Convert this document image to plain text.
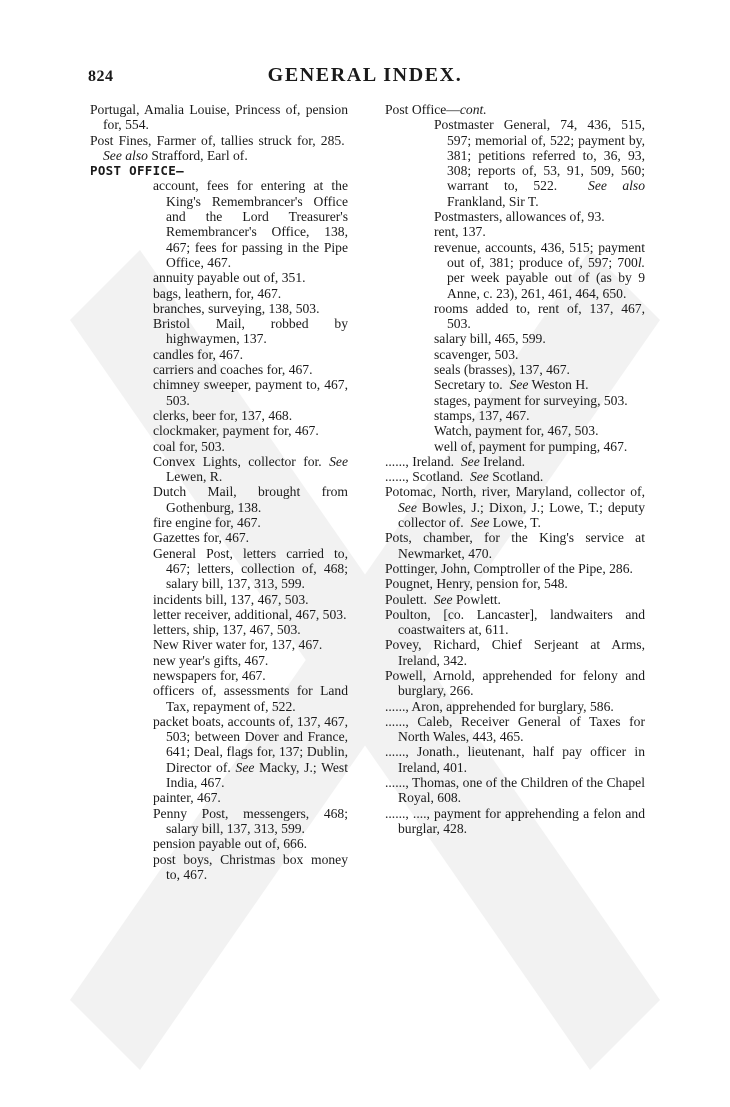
824	GENERAL INDEX.
Portugal, Amalia Louise, Princess of, pension for, 554.
Post Fines, Farmer of, tallies struck for, 285.  See also Strafford, Earl of.
POST OFFICE—
account, fees for entering at the King's Remembrancer's Office and the Lord Treasurer's Remembrancer's Office, 138, 467; fees for passing in the Pipe Office, 467.
annuity payable out of, 351.
bags, leathern, for, 467.
branches, surveying, 138, 503.
Bristol Mail, robbed by highwaymen, 137.
candles for, 467.
carriers and coaches for, 467.
chimney sweeper, payment to, 467, 503.
clerks, beer for, 137, 468.
clockmaker, payment for, 467.
coal for, 503.
Convex Lights, collector for. See Lewen, R.
Dutch Mail, brought from Gothenburg, 138.
fire engine for, 467.
Gazettes for, 467.
General Post, letters carried to, 467; letters, collection of, 468; salary bill, 137, 313, 599.
incidents bill, 137, 467, 503.
letter receiver, additional, 467, 503.
letters, ship, 137, 467, 503.
New River water for, 137, 467.
new year's gifts, 467.
newspapers for, 467.
officers of, assessments for Land Tax, repayment of, 522.
packet boats, accounts of, 137, 467, 503; between Dover and France, 641; Deal, flags for, 137; Dublin, Director of. See Macky, J.; West India, 467.
painter, 467.
Penny Post, messengers, 468; salary bill, 137, 313, 599.
pension payable out of, 666.
post boys, Christmas box money to, 467.
Post Office—cont.
Postmaster General, 74, 436, 515, 597; memorial of, 522; payment by, 381; petitions referred to, 36, 93, 308; reports of, 53, 91, 509, 560; warrant to, 522.  See also Frankland, Sir T.
Postmasters, allowances of, 93.
rent, 137.
revenue, accounts, 436, 515; payment out of, 381; produce of, 597; 700l. per week payable out of (as by 9 Anne, c. 23), 261, 461, 464, 650.
rooms added to, rent of, 137, 467, 503.
salary bill, 465, 599.
scavenger, 503.
seals (brasses), 137, 467.
Secretary to.  See Weston H.
stages, payment for surveying, 503.
stamps, 137, 467.
Watch, payment for, 467, 503.
well of, payment for pumping, 467.
......, Ireland.  See Ireland.
......, Scotland.  See Scotland.
Potomac, North, river, Maryland, collector of, See Bowles, J.; Dixon, J.; Lowe, T.; deputy collector of.  See Lowe, T.
Pots, chamber, for the King's service at Newmarket, 470.
Pottinger, John, Comptroller of the Pipe, 286.
Pougnet, Henry, pension for, 548.
Poulett.  See Powlett.
Poulton, [co. Lancaster], landwaiters and coastwaiters at, 611.
Povey, Richard, Chief Serjeant at Arms, Ireland, 342.
Powell, Arnold, apprehended for felony and burglary, 266.
......, Aron, apprehended for burglary, 586.
......, Caleb, Receiver General of Taxes for North Wales, 443, 465.
......, Jonath., lieutenant, half pay officer in Ireland, 401.
......, Thomas, one of the Children of the Chapel Royal, 608.
......, ...., payment for apprehending a felon and burglar, 428.
